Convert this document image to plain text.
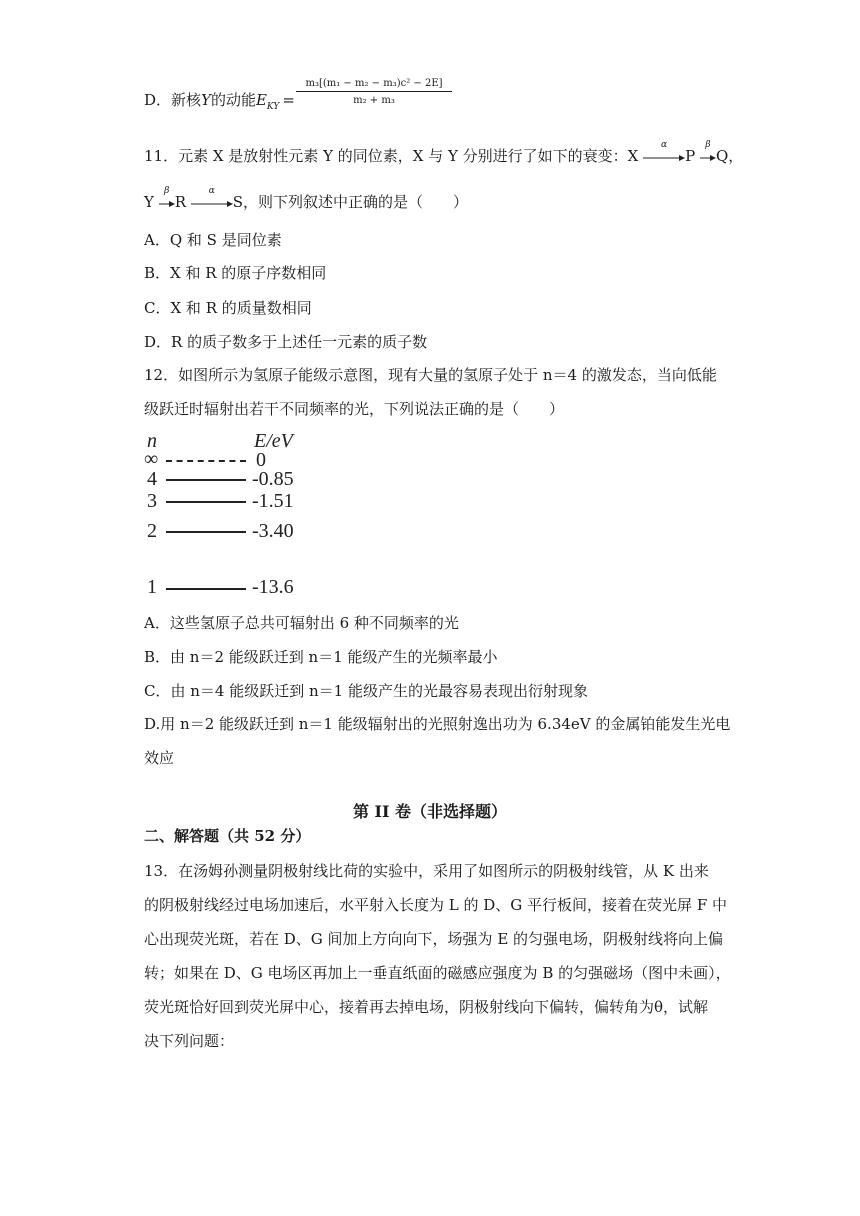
D．新核Y的动能$E_{KY} = \frac{\text{m₃[(m₁ − m₂ − m₃)c² − 2E]}}{\text{m₂ + m₃}}$
11．元素 X 是放射性元素 Y 的同位素，X 与 Y 分别进行了如下的衰变：X
α
P
β
Q，
Y
β
R
α
S，则下列叙述中正确的是（　　）
A．Q 和 S 是同位素
B．X 和 R 的原子序数相同
C．X 和 R 的质量数相同
D．R 的质子数多于上述任一元素的质子数
12．如图所示为氢原子能级示意图，现有大量的氢原子处于 n＝4 的激发态，当向低能
级跃迁时辐射出若干不同频率的光，下列说法正确的是（　　）
n	E/eV
∞	0
4	-0.85
3	-1.51
2	-3.40
1	-13.6
A．这些氢原子总共可辐射出 6 种不同频率的光
B．由 n＝2 能级跃迁到 n＝1 能级产生的光频率最小
C．由 n＝4 能级跃迁到 n＝1 能级产生的光最容易表现出衍射现象
D.用 n＝2 能级跃迁到 n＝1 能级辐射出的光照射逸出功为 6.34eV 的金属铂能发生光电
效应
第 II 卷（非选择题）
二、解答题（共 52 分）
13．在汤姆孙测量阴极射线比荷的实验中，采用了如图所示的阴极射线管，从 K 出来
的阴极射线经过电场加速后，水平射入长度为 L 的 D、G 平行板间，接着在荧光屏 F 中
心出现荧光斑，若在 D、G 间加上方向向下，场强为 E 的匀强电场，阴极射线将向上偏
转；如果在 D、G 电场区再加上一垂直纸面的磁感应强度为 B 的匀强磁场（图中未画），
荧光斑恰好回到荧光屏中心，接着再去掉电场，阴极射线向下偏转，偏转角为θ，试解
决下列问题：
